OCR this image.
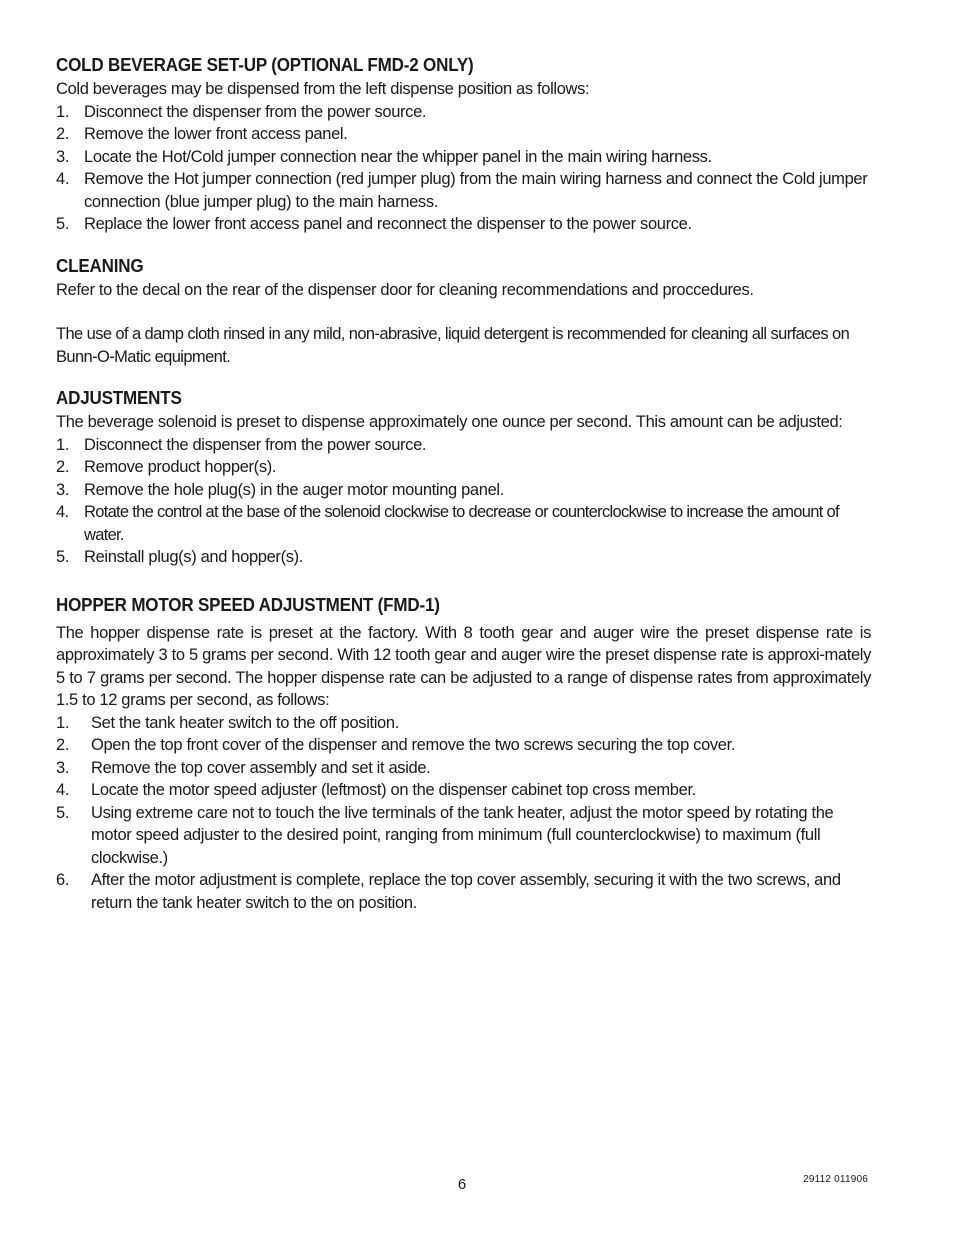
COLD BEVERAGE SET-UP (OPTIONAL FMD-2 ONLY)

Cold beverages may be dispensed from the left dispense position as follows:

1. Disconnect the dispenser from the power source.
2. Remove the lower front access panel.
3. Locate the Hot/Cold jumper connection near the whipper panel in the main wiring harness.
4. Remove the Hot jumper connection (red jumper plug) from the main wiring harness and connect the Cold jumper connection (blue jumper plug) to the main harness.
5. Replace the lower front access panel and reconnect the dispenser to the power source.
CLEANING

Refer to the decal on the rear of the dispenser door for cleaning recommendations and proccedures.

The use of a damp cloth rinsed in any mild, non-abrasive, liquid detergent is recommended for cleaning all surfaces on Bunn-O-Matic equipment.

ADJUSTMENTS

The beverage solenoid is preset to dispense approximately one ounce per second. This amount can be adjusted:

1. Disconnect the dispenser from the power source.
2. Remove product hopper(s).
3. Remove the hole plug(s) in the auger motor mounting panel.
4. Rotate the control at the base of the solenoid clockwise to decrease or counterclockwise to increase the amount of water.
5. Reinstall plug(s) and hopper(s).
HOPPER MOTOR SPEED ADJUSTMENT (FMD-1)

The hopper dispense rate is preset at the factory. With 8 tooth gear and auger wire the preset dispense rate is approximately 3 to 5 grams per second. With 12 tooth gear and auger wire the preset dispense rate is approxi-mately 5 to 7 grams per second. The hopper dispense rate can be adjusted to a range of dispense rates from approximately 1.5 to 12 grams per second, as follows:

1. Set the tank heater switch to the off position.
2. Open the top front cover of the dispenser and remove the two screws securing the top cover.
3. Remove the top cover assembly and set it aside.
4. Locate the motor speed adjuster (leftmost) on the dispenser cabinet top cross member.
5. Using extreme care not to touch the live terminals of the tank heater, adjust the motor speed by rotating the motor speed adjuster to the desired point, ranging from minimum (full counterclockwise) to maximum (full clockwise.)
6. After the motor adjustment is complete, replace the top cover assembly, securing it with the two screws, and return the tank heater switch to the on position.
6	29112 011906
